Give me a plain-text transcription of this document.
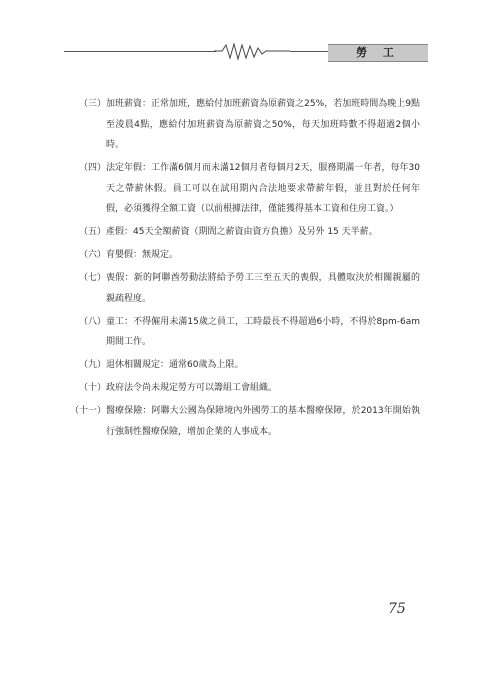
勞 工
（三） 加班薪資：正常加班，應給付加班薪資為原薪資之25%，若加班時間為晚上9點至淩晨4點，應給付加班薪資為原薪資之50%，每天加班時數不得超過2個小時。
（四） 法定年假：工作滿6個月而未滿12個月者每個月2天，服務期滿一年者，每年30天之帶薪休假。員工可以在試用期內合法地要求帶薪年假，並且對於任何年假，必須獲得全額工資（以前根據法律，僅能獲得基本工資和住房工資。）
（五） 產假：45天全額薪資（期間之薪資由資方負擔）及另外 15 天半薪。
（六） 育嬰假：無規定。
（七） 喪假：新的阿聯酋勞動法將給予勞工三至五天的喪假，具體取決於相關親屬的親疏程度。
（八） 童工：不得僱用未滿15歲之員工，工時最長不得超過6小時，不得於8pm-6am期間工作。
（九） 退休相關規定：通常60歲為上限。
（十） 政府法令尚未規定勞方可以籌組工會組織。
（十一） 醫療保險：阿聯大公國為保障境內外國勞工的基本醫療保障，於2013年開始執行強制性醫療保險，增加企業的人事成本。
75
